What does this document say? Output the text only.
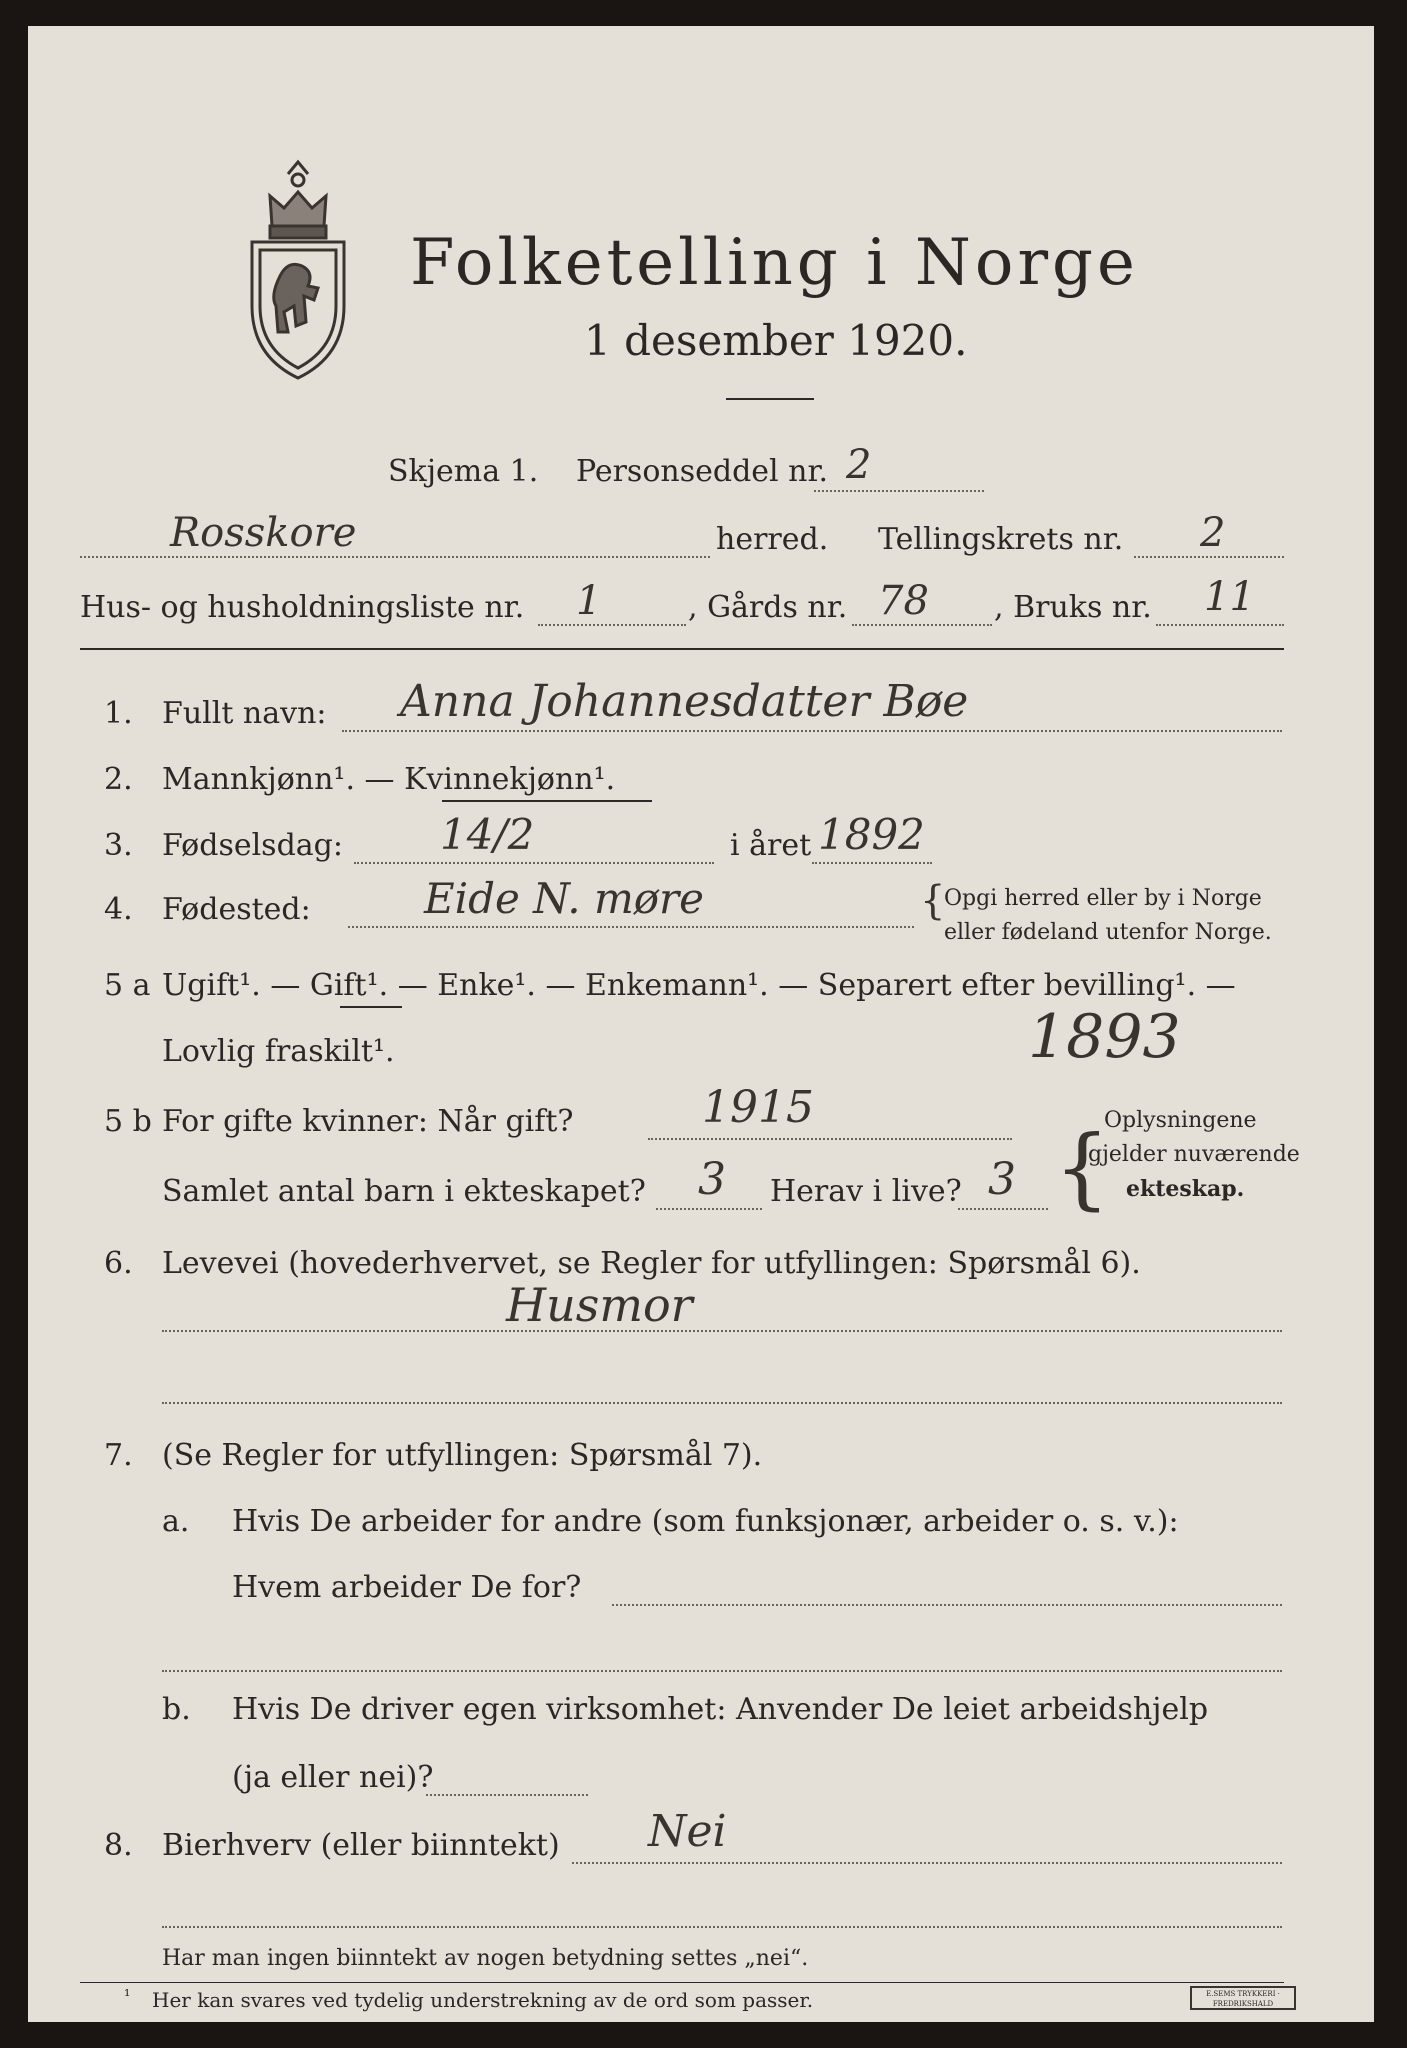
Folketelling i Norge
1 desember 1920.
Skjema 1. Personseddel nr. 2
Rosskore	herred. Tellingskrets nr. 2
Hus- og husholdningsliste nr. 1	, Gårds nr. 78 , Bruks nr. 11
1. Fullt navn: Anna Johannesdatter Bøe
2. Mannkjønn¹. — Kvinnekjønn¹.
3. Fødselsdag: 14/2	i året 1892
4. Fødested:	Eide N. møre	{
Opgi herred eller by i Norge
eller fødeland utenfor Norge.
5 a Ugift¹. — Gift¹. — Enke¹. — Enkemann¹. — Separert efter bevilling¹. —
Lovlig fraskilt¹.	1893
5 b For gifte kvinner: Når gift?	1915
Samlet antal barn i ekteskapet? 3 Herav i live? 3 {
Oplysningene
gjelder nuværende
ekteskap.
6. Levevei (hovederhvervet, se Regler for utfyllingen: Spørsmål 6).
Husmor
7. (Se Regler for utfyllingen: Spørsmål 7).
a. Hvis De arbeider for andre (som funksjonær, arbeider o. s. v.):
Hvem arbeider De for?
b. Hvis De driver egen virksomhet: Anvender De leiet arbeidshjelp
(ja eller nei)?
8. Bierhverv (eller biinntekt) Nei
Har man ingen biinntekt av nogen betydning settes „nei“.
¹ Her kan svares ved tydelig understrekning av de ord som passer.	E.SEMS TRYKKERI · FREDRIKSHALD
